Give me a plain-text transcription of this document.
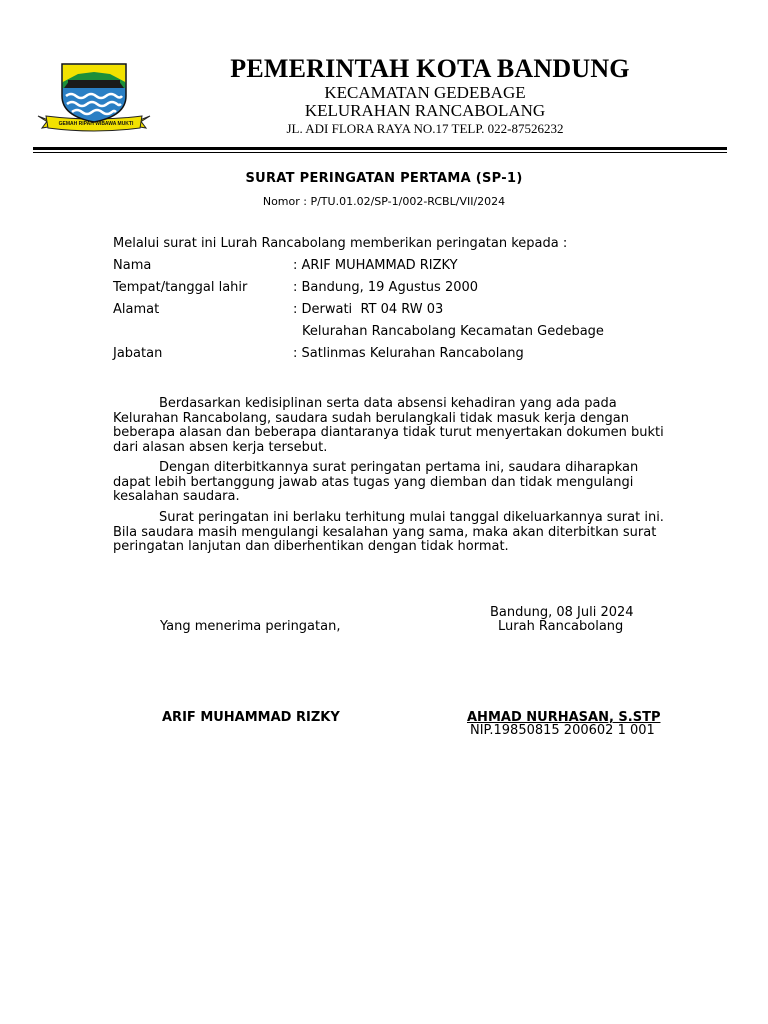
GEMAH RIPAH WIBAWA MUKTI
PEMERINTAH KOTA BANDUNG
KECAMATAN GEDEBAGE
KELURAHAN RANCABOLANG
JL. ADI FLORA RAYA NO.17 TELP. 022-87526232
SURAT PERINGATAN PERTAMA (SP-1)
Nomor : P/TU.01.02/SP-1/002-RCBL/VII/2024
Melalui surat ini Lurah Rancabolang memberikan peringatan kepada :
Nama	: ARIF MUHAMMAD RIZKY
Tempat/tanggal lahir	: Bandung, 19 Agustus 2000
Alamat	: Derwati  RT 04 RW 03
Kelurahan Rancabolang Kecamatan Gedebage
Jabatan	: Satlinmas Kelurahan Rancabolang
Berdasarkan kedisiplinan serta data absensi kehadiran yang ada pada
Kelurahan Rancabolang, saudara sudah berulangkali tidak masuk kerja dengan
beberapa alasan dan beberapa diantaranya tidak turut menyertakan dokumen bukti
dari alasan absen kerja tersebut.
Dengan diterbitkannya surat peringatan pertama ini, saudara diharapkan
dapat lebih bertanggung jawab atas tugas yang diemban dan tidak mengulangi
kesalahan saudara.
Surat peringatan ini berlaku terhitung mulai tanggal dikeluarkannya surat ini.
Bila saudara masih mengulangi kesalahan yang sama, maka akan diterbitkan surat
peringatan lanjutan dan diberhentikan dengan tidak hormat.
Bandung, 08 Juli 2024
Yang menerima peringatan,	Lurah Rancabolang
ARIF MUHAMMAD RIZKY	AHMAD NURHASAN, S.STP
NIP.19850815 200602 1 001
